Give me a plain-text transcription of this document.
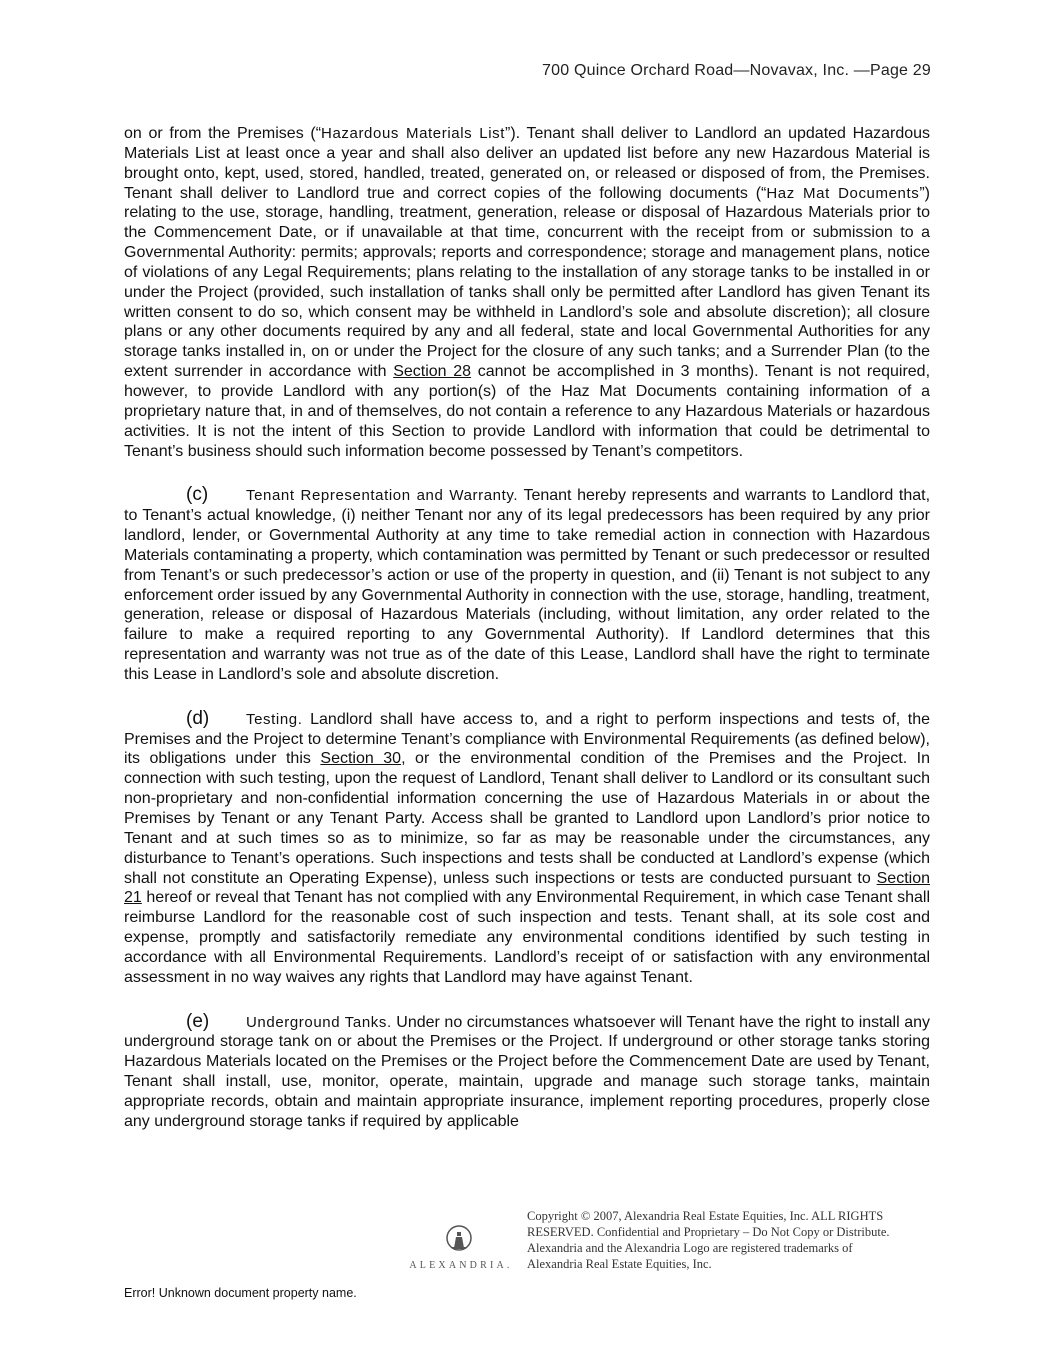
700 Quince Orchard Road—Novavax, Inc. —Page 29

on or from the Premises (“Hazardous Materials List”). Tenant shall deliver to Landlord an updated Hazardous Materials List at least once a year and shall also deliver an updated list before any new Hazardous Material is brought onto, kept, used, stored, handled, treated, generated on, or released or disposed of from, the Premises. Tenant shall deliver to Landlord true and correct copies of the following documents (“Haz Mat Documents”) relating to the use, storage, handling, treatment, generation, release or disposal of Hazardous Materials prior to the Commencement Date, or if unavailable at that time, concurrent with the receipt from or submission to a Governmental Authority: permits; approvals; reports and correspondence; storage and management plans, notice of violations of any Legal Requirements; plans relating to the installation of any storage tanks to be installed in or under the Project (provided, such installation of tanks shall only be permitted after Landlord has given Tenant its written consent to do so, which consent may be withheld in Landlord’s sole and absolute discretion); all closure plans or any other documents required by any and all federal, state and local Governmental Authorities for any storage tanks installed in, on or under the Project for the closure of any such tanks; and a Surrender Plan (to the extent surrender in accordance with Section 28 cannot be accomplished in 3 months). Tenant is not required, however, to provide Landlord with any portion(s) of the Haz Mat Documents containing information of a proprietary nature that, in and of themselves, do not contain a reference to any Hazardous Materials or hazardous activities. It is not the intent of this Section to provide Landlord with information that could be detrimental to Tenant’s business should such information become possessed by Tenant’s competitors.

(c)	Tenant Representation and Warranty. Tenant hereby represents and warrants to Landlord that, to Tenant’s actual knowledge, (i) neither Tenant nor any of its legal predecessors has been required by any prior landlord, lender, or Governmental Authority at any time to take remedial action in connection with Hazardous Materials contaminating a property, which contamination was permitted by Tenant or such predecessor or resulted from Tenant’s or such predecessor’s action or use of the property in question, and (ii) Tenant is not subject to any enforcement order issued by any Governmental Authority in connection with the use, storage, handling, treatment, generation, release or disposal of Hazardous Materials (including, without limitation, any order related to the failure to make a required reporting to any Governmental Authority). If Landlord determines that this representation and warranty was not true as of the date of this Lease, Landlord shall have the right to terminate this Lease in Landlord’s sole and absolute discretion.

(d) Testing. Landlord shall have access to, and a right to perform inspections and tests of, the Premises and the Project to determine Tenant’s compliance with Environmental Requirements (as defined below), its obligations under this Section 30, or the environmental condition of the Premises and the Project. In connection with such testing, upon the request of Landlord, Tenant shall deliver to Landlord or its consultant such non-proprietary and non-confidential information concerning the use of Hazardous Materials in or about the Premises by Tenant or any Tenant Party. Access shall be granted to Landlord upon Landlord’s prior notice to Tenant and at such times so as to minimize, so far as may be reasonable under the circumstances, any disturbance to Tenant’s operations. Such inspections and tests shall be conducted at Landlord’s expense (which shall not constitute an Operating Expense), unless such inspections or tests are conducted pursuant to Section 21 hereof or reveal that Tenant has not complied with any Environmental Requirement, in which case Tenant shall reimburse Landlord for the reasonable cost of such inspection and tests. Tenant shall, at its sole cost and expense, promptly and satisfactorily remediate any environmental conditions identified by such testing in accordance with all Environmental Requirements. Landlord’s receipt of or satisfaction with any environmental assessment in no way waives any rights that Landlord may have against Tenant.

(e) Underground Tanks. Under no circumstances whatsoever will Tenant have the right to install any underground storage tank on or about the Premises or the Project. If underground or other storage tanks storing Hazardous Materials located on the Premises or the Project before the Commencement Date are used by Tenant, Tenant shall install, use, monitor, operate, maintain, upgrade and manage such storage tanks, maintain appropriate records, obtain and maintain appropriate insurance, implement reporting procedures, properly close any underground storage tanks if required by applicable

ALEXANDRIA.
Copyright © 2007, Alexandria Real Estate Equities, Inc. ALL RIGHTS RESERVED. Confidential and Proprietary – Do Not Copy or Distribute. Alexandria and the Alexandria Logo are registered trademarks of Alexandria Real Estate Equities, Inc.
Error! Unknown document property name.
